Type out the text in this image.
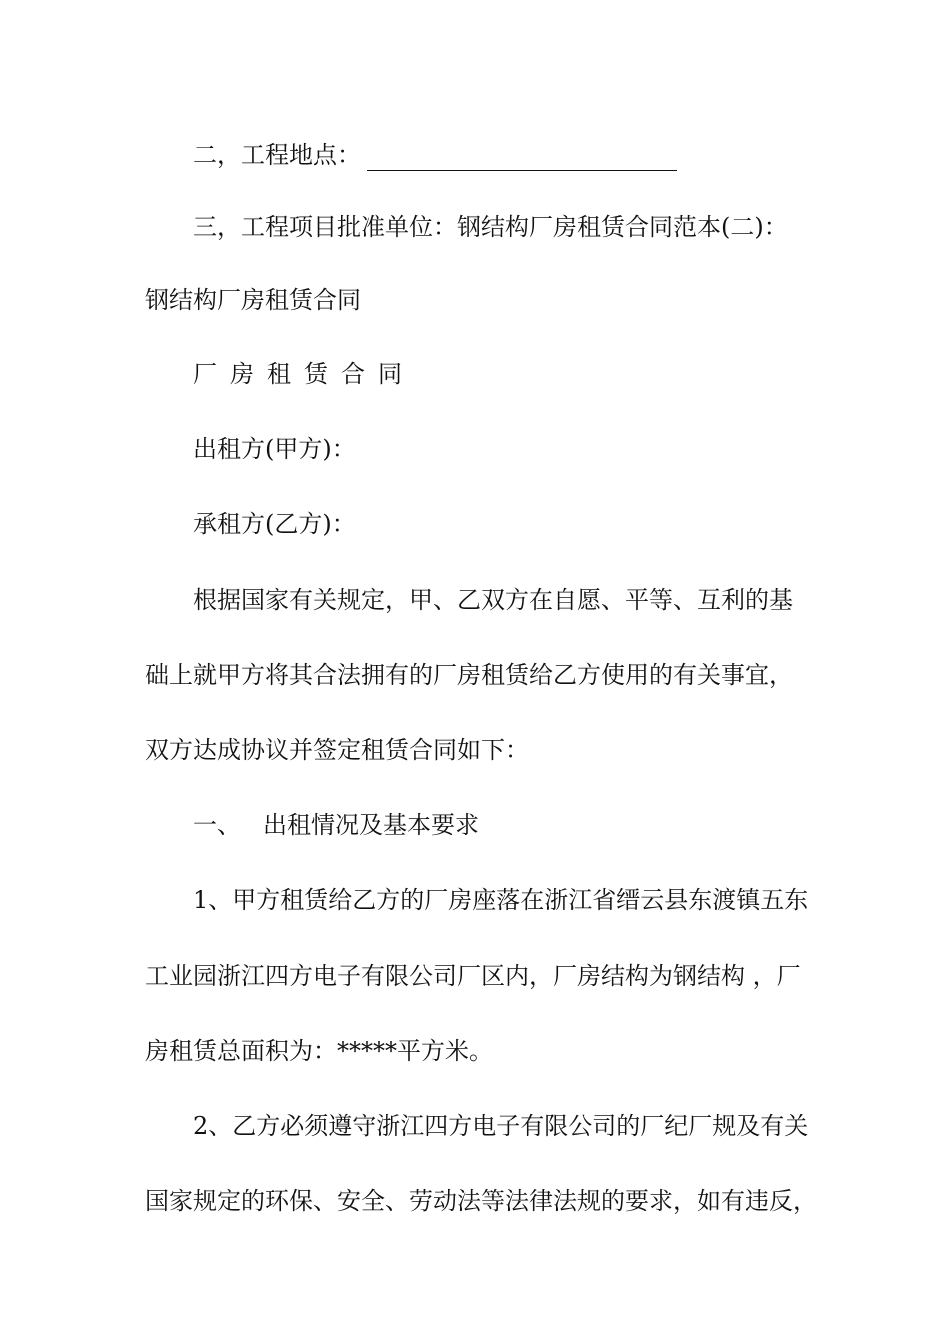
二，工程地点：
三，工程项目批准单位：钢结构厂房租赁合同范本(二)：
钢结构厂房租赁合同
厂房租赁合同
出租方(甲方)：
承租方(乙方)：
根据国家有关规定，甲、乙双方在自愿、平等、互利的基
础上就甲方将其合法拥有的厂房租赁给乙方使用的有关事宜，
双方达成协议并签定租赁合同如下：
一、 出租情况及基本要求
1、甲方租赁给乙方的厂房座落在浙江省缙云县东渡镇五东
工业园浙江四方电子有限公司厂区内，厂房结构为钢结构 ，厂
房租赁总面积为：*****平方米。
2、乙方必须遵守浙江四方电子有限公司的厂纪厂规及有关
国家规定的环保、安全、劳动法等法律法规的要求，如有违反，
